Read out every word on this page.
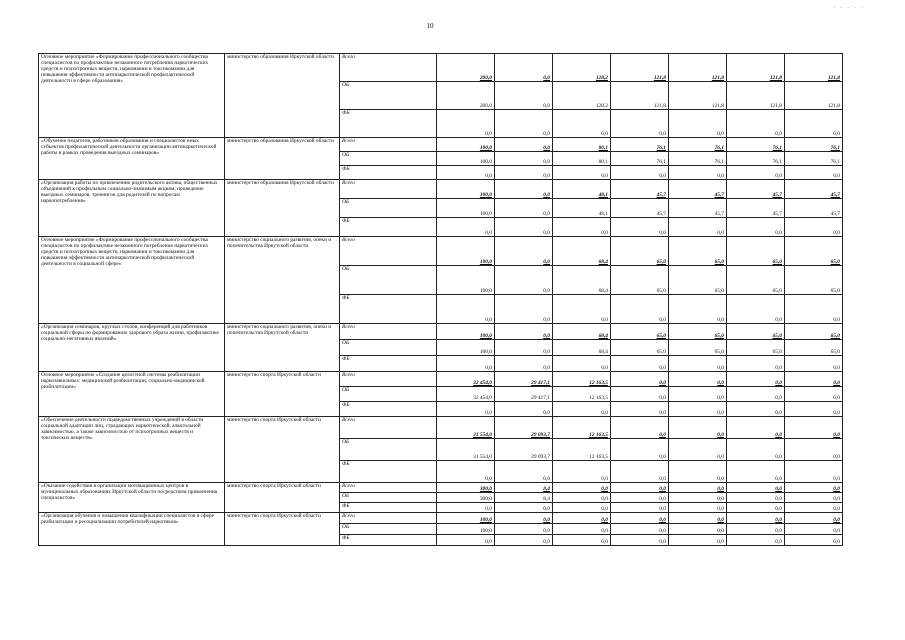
10
- - - - -
Основное мероприятие «Формирование профессионального сообщества специалистов по профилактике незаконного потребления наркотических средств и психотропных веществ, наркомании и токсикомании для повышения эффективности антинаркотической профилактической деятельности в сфере образования»	министерство образования Иркутской области	Всего	200,0	0,0	128,2	121,8	121,8	121,8	121,8
		ОБ	200,0	0,0	128,2	121,8	121,8	121,8	121,8
		ФБ	0,0	0,0	0,0	0,0	0,0	0,0	0,0
«Обучение педагогов, работников образования и специалистов иных субъектов профилактической деятельности организации антинаркотической работы в рамках проведения выездных семинаров»	министерство образования Иркутской области	Всего	100,0	0,0	80,1	76,1	76,1	76,1	76,1
		ОБ	100,0	0,0	80,1	76,1	76,1	76,1	76,1
		ФБ	0,0	0,0	0,0	0,0	0,0	0,0	0,0
«Организация работы по привлечению родительского актива, общественных объединений к профильным социально-значимым акциям, проведение выездных семинаров, тренингов для родителей по вопросам наркопотребления»	министерство образования Иркутской области	Всего	100,0	0,0	48,1	45,7	45,7	45,7	45,7
		ОБ	100,0	0,0	48,1	45,7	45,7	45,7	45,7
		ФБ	0,0	0,0	0,0	0,0	0,0	0,0	0,0
Основное мероприятие «Формирование профессионального сообщества специалистов по профилактике незаконного потребления наркотических средств и психотропных веществ, наркомании и токсикомании для повышения эффективности антинаркотической профилактической деятельности в социальной сфере»	министерство социального развития, опеки и попечительства Иркутской области	Всего	100,0	0,0	68,4	65,0	65,0	65,0	65,0
		ОБ	100,0	0,0	68,4	65,0	65,0	65,0	65,0
		ФБ	0,0	0,0	0,0	0,0	0,0	0,0	0,0
«Организация семинаров, круглых столов, конференций для работников социальной сферы по формированию здорового образа жизни, профилактике социально-негативных явлений»	министерство социального развития, опеки и попечительства Иркутской области	Всего	100,0	0,0	68,4	65,0	65,0	65,0	65,0
		ОБ	100,0	0,0	68,4	65,0	65,0	65,0	65,0
		ФБ	0,0	0,0	0,0	0,0	0,0	0,0	0,0
Основное мероприятие «Создание целостной системы реабилитации наркозависимых: медицинской реабилитации, социально-медицинской реабилитации»	министерство спорта Иркутской области	Всего	32 454,0	29 417,1	12 163,5	0,0	0,0	0,0	0,0
		ОБ	32 454,0	29 417,1	12 163,5	0,0	0,0	0,0	0,0
		ФБ	0,0	0,0	0,0	0,0	0,0	0,0	0,0
«Обеспечение деятельности подведомственных учреждений в области социальной адаптации лиц, страдающих наркотической, алкогольной зависимостью, а также зависимостью от психотропных веществ и токсических веществ»	министерство спорта Иркутской области	Всего	31 554,0	29 093,7	12 163,5	0,0	0,0	0,0	0,0
		ОБ	31 554,0	29 093,7	12 163,5	0,0	0,0	0,0	0,0
		ФБ	0,0	0,0	0,0	0,0	0,0	0,0	0,0
«Оказание содействия в организации мотивационных центров в муниципальных образованиях Иркутской области посредством привлечения специалистов»	министерство спорта Иркутской области	Всего	300,0	8,4	0,0	0,0	0,0	0,0	0,0
		ОБ	300,0	8,4	0,0	0,0	0,0	0,0	0,0
		ФБ	0,0	0,0	0,0	0,0	0,0	0,0	0,0
«Организация обучения и повышения квалификации специалистов в сфере реабилитации и ресоциализации потребителей наркотиков»	министерство спорта Иркутской области	Всего	100,0	0,0	0,0	0,0	0,0	0,0	0,0
		ОБ	100,0	0,0	0,0	0,0	0,0	0,0	0,0
		ФБ	0,0	0,0	0,0	0,0	0,0	0,0	0,0
